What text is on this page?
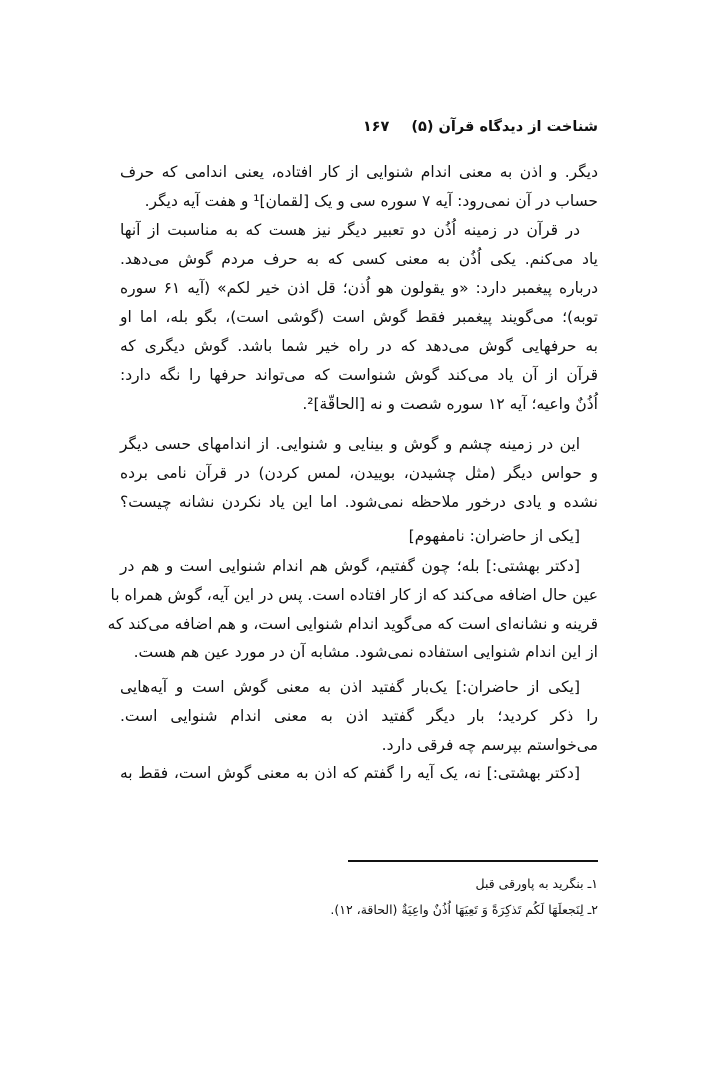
شناخت از دیدگاه قرآن (۵)۱۶۷
دیگر. و اذن به معنی اندام شنوایی از کار افتاده، یعنی اندامی که حرف
حساب در آن نمی‌رود: آیه ۷ سوره سی و یک [لقمان]¹ و هفت آیه دیگر.
در قرآن در زمینه اُذُن دو تعبیر دیگر نیز هست که به مناسبت از آنها
یاد می‌کنم. یکی اُذُن به معنی کسی که به حرف مردم گوش می‌دهد.
درباره پیغمبر دارد: «و یقولون هو اُذن؛ قل اذن خیر لکم» (آیه ۶۱ سوره
توبه)؛ می‌گویند پیغمبر فقط گوش است (گوشی است)، بگو بله، اما او
به حرفهایی گوش می‌دهد که در راه خیر شما باشد. گوش دیگری که
قرآن از آن یاد می‌کند گوش شنواست که می‌تواند حرفها را نگه دارد:
اُذُنٌ واعیه؛ آیه ۱۲ سوره شصت و نه [الحاقّة]².
این در زمینه چشم و گوش و بینایی و شنوایی. از اندامهای حسی دیگر
و حواس دیگر (مثل چشیدن، بوییدن، لمس کردن) در قرآن نامی برده
نشده و یادی درخور ملاحظه نمی‌شود. اما این یاد نکردن نشانه چیست؟
[یکی از حاضران: نامفهوم]
[دکتر بهشتی:] بله؛ چون گفتیم، گوش هم اندام شنوایی است و هم در
عین حال اضافه می‌کند که از کار افتاده است. پس در این آیه، گوش همراه با
قرینه و نشانه‌ای است که می‌گوید اندام شنوایی است، و هم اضافه می‌کند که
از این اندام شنوایی استفاده نمی‌شود. مشابه آن در مورد عین هم هست.
[یکی از حاضران:] یک‌بار گفتید اذن به معنی گوش است و آیه‌هایی
را ذکر کردید؛ بار دیگر گفتید اذن به معنی اندام شنوایی است.
می‌خواستم بپرسم چه فرقی دارد.
[دکتر بهشتی:] نه، یک آیه را گفتم که اذن به معنی گوش است، فقط به
۱ـ بنگرید به پاورقی قبل
۲ـ لِنَجعلَهَا لَکُم تَذکِرَةً وَ تَعِیَهَا اُذُنٌ واعِیَةٌ (الحاقة، ۱۲).
